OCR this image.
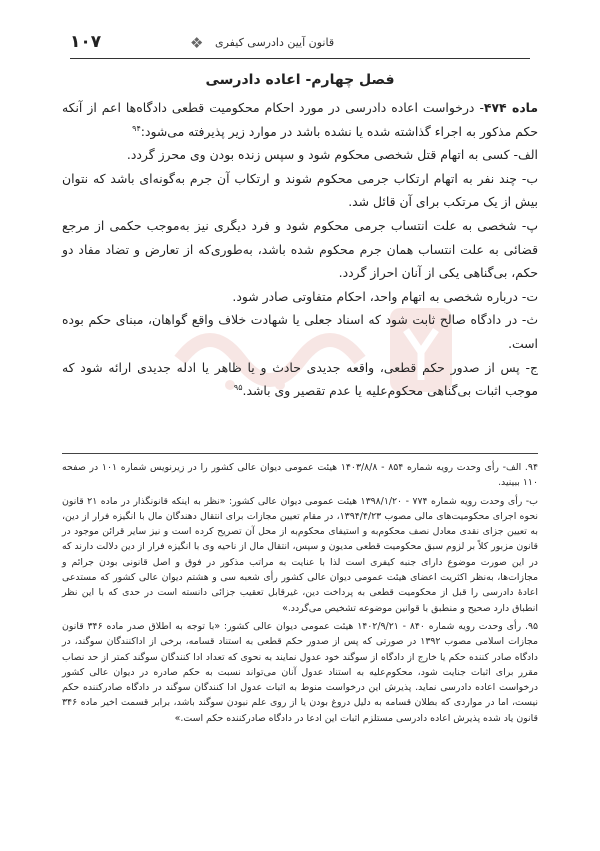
۱۰۷	❖ قانون آیین دادرسی کیفری
فصل چهارم- اعاده دادرسی

ماده ۴۷۴- درخواست اعاده دادرسی در مورد احکام محکومیت قطعی دادگاه‌ها اعم از آنکه حکم مذکور به اجراء گذاشته شده یا نشده باشد در موارد زیر پذیرفته می‌شود:$^{۹۴}$

الف- کسی به اتهام قتل شخصی محکوم شود و سپس زنده بودن وی محرز گردد.

ب- چند نفر به اتهام ارتکاب جرمی محکوم شوند و ارتکاب آن جرم به‌گونه‌ای باشد که نتوان بیش از یک مرتکب برای آن قائل شد.

پ- شخصی به علت انتساب جرمی محکوم شود و فرد دیگری نیز به‌موجب حکمی از مرجع قضائی به علت انتساب همان جرم محکوم شده باشد، به‌طوری‌که از تعارض و تضاد مفاد دو حکم، بی‌گناهی یکی از آنان احراز گردد.

ت- درباره شخصی به اتهام واحد، احکام متفاوتی صادر شود.

ث- در دادگاه صالح ثابت شود که اسناد جعلی یا شهادت خلاف واقع گواهان، مبنای حکم بوده است.

ج- پس از صدور حکم قطعی، واقعه جدیدی حادث و یا ظاهر یا ادله جدیدی ارائه شود که موجب اثبات بی‌گناهی محکوم‌علیه یا عدم تقصیر وی باشد.$^{۹۵}$

۹۴. الف- رأی وحدت رویه شماره ۸۵۴ - ۱۴۰۳/۸/۸ هیئت عمومی دیوان عالی کشور را در زیرنویس شماره ۱۰۱ در صفحه ۱۱۰ ببینید.

ب- رأی وحدت رویه شماره ۷۷۴ - ۱۳۹۸/۱/۲۰ هیئت عمومی دیوان عالی کشور: «نظر به اینکه قانونگذار در ماده ۲۱ قانون نحوه اجرای محکومیت‌های مالی مصوب ۱۳۹۴/۴/۲۳، در مقام تعیین مجازات برای انتقال دهندگان مال با انگیزه فرار از دین، به تعیین جزای نقدی معادل نصف محکوم‌به و استیفای محکوم‌به از محل آن تصریح کرده است و نیز سایر قرائن موجود در قانون مزبور کلاً بر لزوم سبق محکومیت قطعی مدیون و سپس، انتقال مال از ناحیه وی با انگیزه فرار از دین دلالت دارند که در این صورت موضوع دارای جنبه کیفری است لذا با عنایت به مراتب مذکور در فوق و اصل قانونی بودن جرائم و مجازات‌ها، به‌نظر اکثریت اعضای هیئت عمومی دیوان عالی کشور رأی شعبه سی و هشتم دیوان عالی کشور که مستدعی اعادهٔ دادرسی را قبل از محکومیت قطعی به پرداخت دین، غیرقابل تعقیب جزائی دانسته است در حدی که با این نظر انطباق دارد صحیح و منطبق با قوانین موضوعه تشخیص می‌گردد.»

۹۵. رأی وحدت رویه شماره ۸۴۰ - ۱۴۰۲/۹/۲۱ هیئت عمومی دیوان عالی کشور: «با توجه به اطلاق صدر ماده ۳۴۶ قانون مجازات اسلامی مصوب ۱۳۹۲ در صورتی که پس از صدور حکم قطعی به استناد قسامه، برخی از اداکنندگان سوگند، در دادگاه صادر کننده حکم یا خارج از دادگاه از سوگند خود عدول نمایند به نحوی که تعداد ادا کنندگان سوگند کمتر از حد نصاب مقرر برای اثبات جنایت شود، محکوم‌علیه به استناد عدول آنان می‌تواند نسبت به حکم صادره در دیوان عالی کشور درخواست اعاده دادرسی نماید. پذیرش این درخواست منوط به اثبات عدول ادا کنندگان سوگند در دادگاه صادرکننده حکم نیست، اما در مواردی که بطلان قسامه به دلیل دروغ بودن یا از روی علم نبودن سوگند باشد، برابر قسمت اخیر ماده ۳۴۶ قانون یاد شده پذیرش اعاده دادرسی مستلزم اثبات این ادعا در دادگاه صادرکننده حکم است.»
